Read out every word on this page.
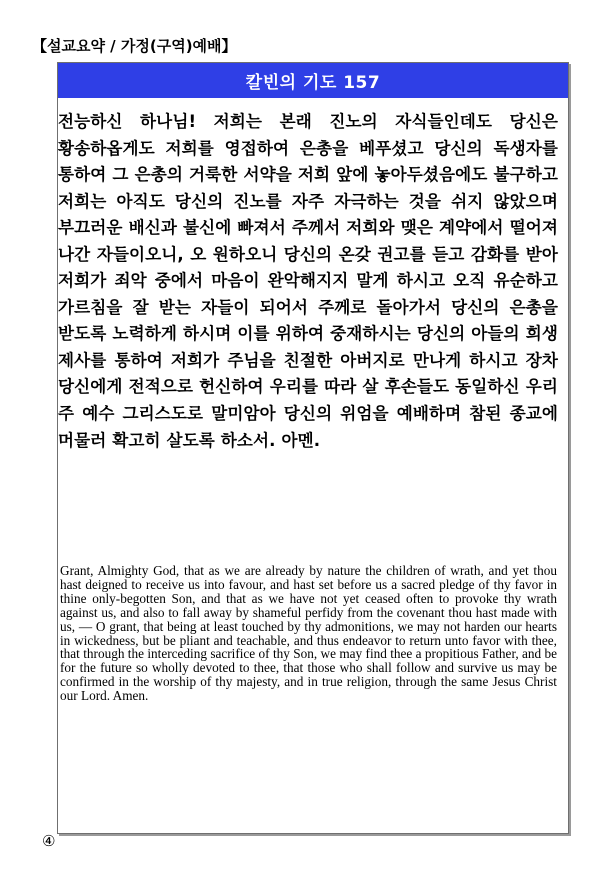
【설교요약 / 가정(구역)예배】
칼빈의 기도 157
전능하신 하나님! 저희는 본래 진노의 자식들인데도 당신은 황송하옵게도 저희를 영접하여 은총을 베푸셨고 당신의 독생자를 통하여 그 은총의 거룩한 서약을 저희 앞에 놓아두셨음에도 불구하고 저희는 아직도 당신의 진노를 자주 자극하는 것을 쉬지 않았으며 부끄러운 배신과 불신에 빠져서 주께서 저희와 맺은 계약에서 떨어져 나간 자들이오니, 오 원하오니 당신의 온갖 권고를 듣고 감화를 받아 저희가 죄악 중에서 마음이 완악해지지 말게 하시고 오직 유순하고 가르침을 잘 받는 자들이 되어서 주께로 돌아가서 당신의 은총을 받도록 노력하게 하시며 이를 위하여 중재하시는 당신의 아들의 희생 제사를 통하여 저희가 주님을 친절한 아버지로 만나게 하시고 장차 당신에게 전적으로 헌신하여 우리를 따라 살 후손들도 동일하신 우리 주 예수 그리스도로 말미암아 당신의 위엄을 예배하며 참된 종교에 머물러 확고히 살도록 하소서. 아멘.
Grant, Almighty God, that as we are already by nature the children of wrath, and yet thou hast deigned to receive us into favour, and hast set before us a sacred pledge of thy favor in thine only-begotten Son, and that as we have not yet ceased often to provoke thy wrath against us, and also to fall away by shameful perfidy from the covenant thou hast made with us, — O grant, that being at least touched by thy admonitions, we may not harden our hearts in wickedness, but be pliant and teachable, and thus endeavor to return unto favor with thee, that through the interceding sacrifice of thy Son, we may find thee a propitious Father, and be for the future so wholly devoted to thee, that those who shall follow and survive us may be confirmed in the worship of thy majesty, and in true religion, through the same Jesus Christ our Lord. Amen.
④
